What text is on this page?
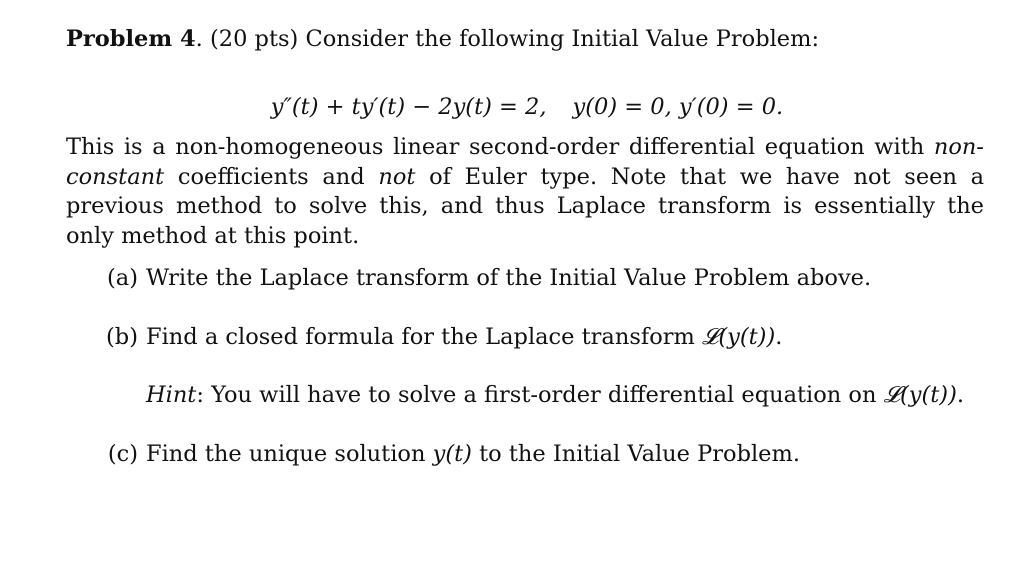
Problem 4. (20 pts) Consider the following Initial Value Problem:
y″(t) + ty′(t) − 2y(t) = 2, y(0) = 0, y′(0) = 0.
This is a non-homogeneous linear second-order differential equation with non-constant coefficients and not of Euler type. Note that we have not seen a previous method to solve this, and thus Laplace transform is essentially the only method at this point.
(a) Write the Laplace transform of the Initial Value Problem above.
(b) Find a closed formula for the Laplace transform 𝓛(y(t)).
Hint: You will have to solve a first-order differential equation on 𝓛(y(t)).
(c) Find the unique solution y(t) to the Initial Value Problem.
